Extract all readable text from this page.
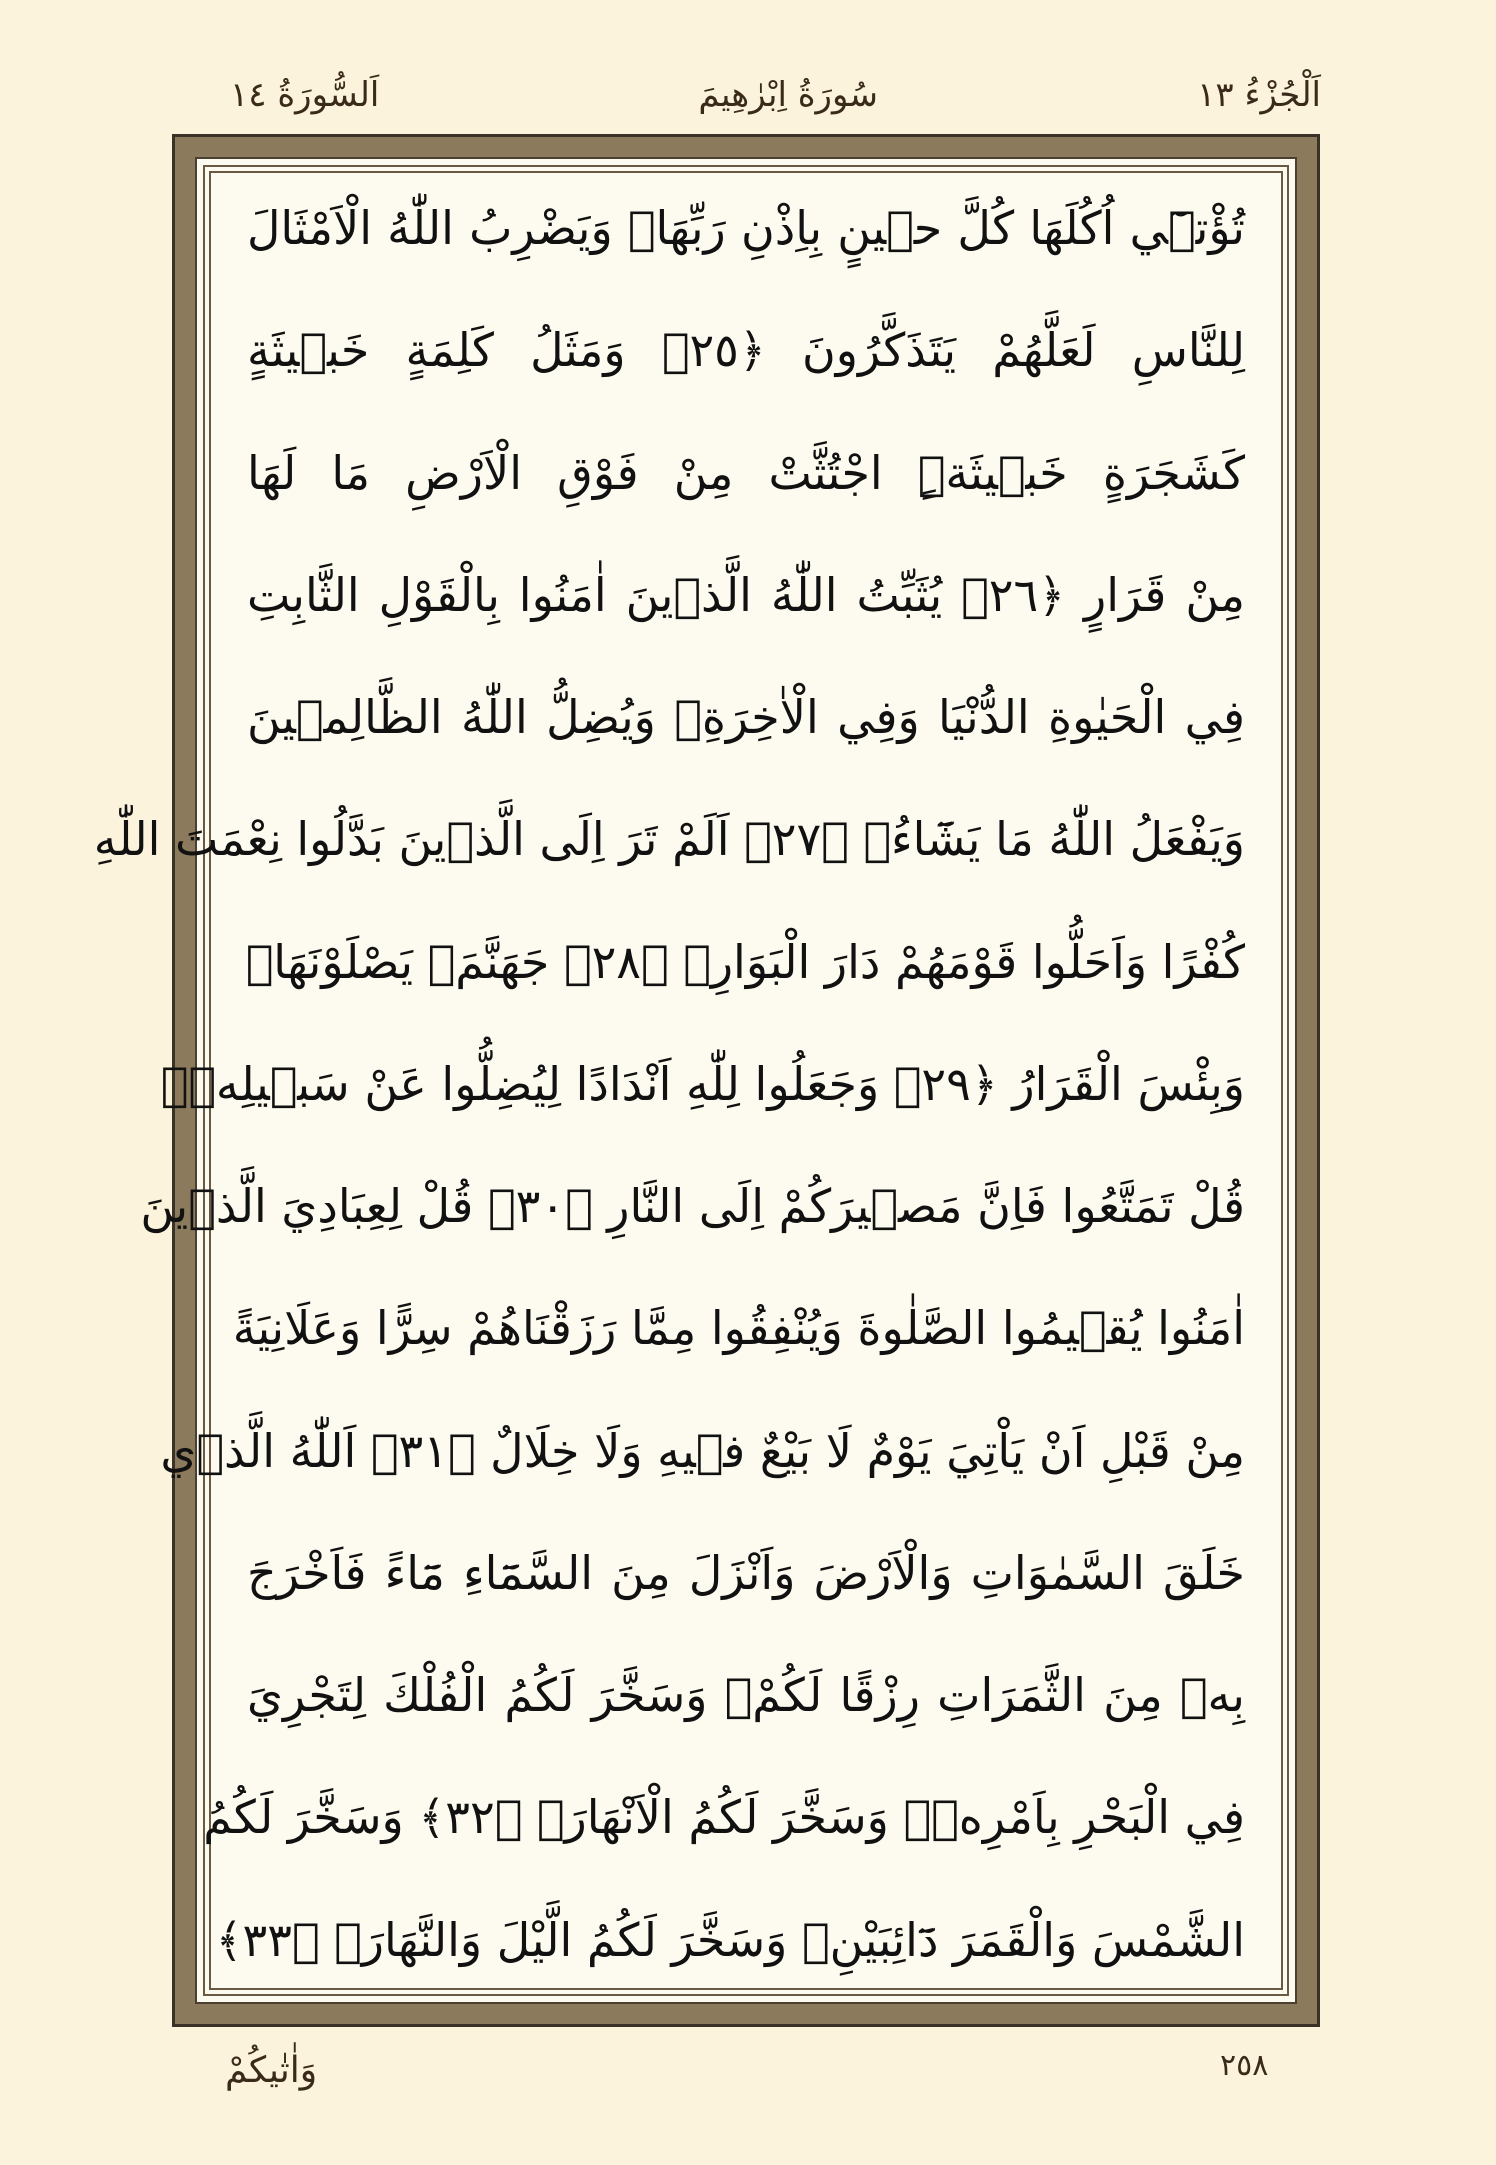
اَلْجُزْءُ ١٣
سُورَةُ اِبْرٰهِيمَ
اَلسُّورَةُ ١٤
تُؤْتٖٓي اُكُلَهَا كُلَّ حٖينٍ بِاِذْنِ رَبِّهَاۜ وَيَضْرِبُ اللّٰهُ الْاَمْثَالَ
لِلنَّاسِ لَعَلَّهُمْ يَتَذَكَّرُونَ ﴿٢٥﴾ وَمَثَلُ كَلِمَةٍ خَبٖيثَةٍ
كَشَجَرَةٍ خَبٖيثَةٍۨ اجْتُثَّتْ مِنْ فَوْقِ الْاَرْضِ مَا لَهَا
مِنْ قَرَارٍ ﴿٢٦﴾ يُثَبِّتُ اللّٰهُ الَّذٖينَ اٰمَنُوا بِالْقَوْلِ الثَّابِتِ
فِي الْحَيٰوةِ الدُّنْيَا وَفِي الْاٰخِرَةِۚ وَيُضِلُّ اللّٰهُ الظَّالِمٖينَ
وَيَفْعَلُ اللّٰهُ مَا يَشَٓاءُ۟ ﴿٢٧﴾ اَلَمْ تَرَ اِلَى الَّذٖينَ بَدَّلُوا نِعْمَتَ اللّٰهِ
كُفْرًا وَاَحَلُّوا قَوْمَهُمْ دَارَ الْبَوَارِۙ ﴿٢٨﴾ جَهَنَّمَۚ يَصْلَوْنَهَاۜ
وَبِئْسَ الْقَرَارُ ﴿٢٩﴾ وَجَعَلُوا لِلّٰهِ اَنْدَادًا لِيُضِلُّوا عَنْ سَبٖيلِهٖۜ
قُلْ تَمَتَّعُوا فَاِنَّ مَصٖيرَكُمْ اِلَى النَّارِ ﴿٣٠﴾ قُلْ لِعِبَادِيَ الَّذٖينَ
اٰمَنُوا يُقٖيمُوا الصَّلٰوةَ وَيُنْفِقُوا مِمَّا رَزَقْنَاهُمْ سِرًّا وَعَلَانِيَةً
مِنْ قَبْلِ اَنْ يَاْتِيَ يَوْمٌ لَا بَيْعٌ فٖيهِ وَلَا خِلَالٌ ﴿٣١﴾ اَللّٰهُ الَّذٖي
خَلَقَ السَّمٰوَاتِ وَالْاَرْضَ وَاَنْزَلَ مِنَ السَّمَٓاءِ مَٓاءً فَاَخْرَجَ
بِهٖ مِنَ الثَّمَرَاتِ رِزْقًا لَكُمْۚ وَسَخَّرَ لَكُمُ الْفُلْكَ لِتَجْرِيَ
فِي الْبَحْرِ بِاَمْرِهٖۚ وَسَخَّرَ لَكُمُ الْاَنْهَارَۚ ﴿٣٢﴾ وَسَخَّرَ لَكُمُ
الشَّمْسَ وَالْقَمَرَ دَٓائِبَيْنِۚ وَسَخَّرَ لَكُمُ الَّيْلَ وَالنَّهَارَۚ ﴿٣٣﴾
وَاٰتٰيكُمْ	٢٥٨
